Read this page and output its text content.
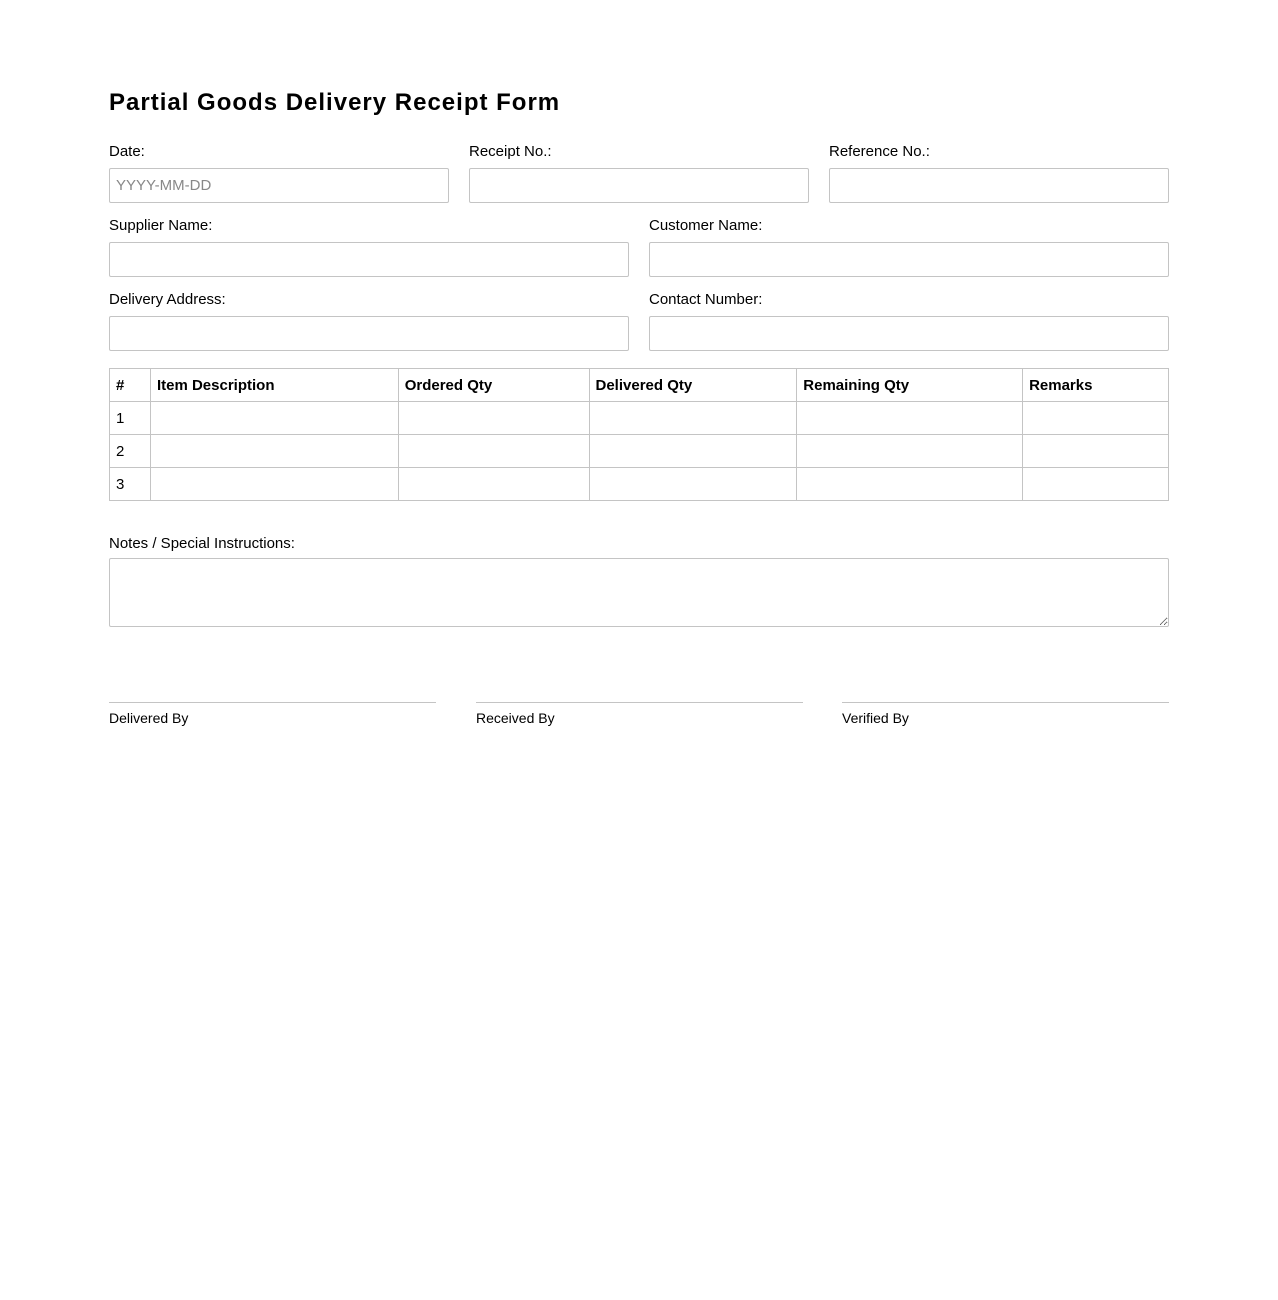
Partial Goods Delivery Receipt Form
Date:
YYYY-MM-DD	Receipt No.:	Reference No.:
Supplier Name:	Customer Name:
Delivery Address:	Contact Number:
#	Item Description	Ordered Qty	Delivered Qty	Remaining Qty	Remarks
1					
2					
3					
Notes / Special Instructions:
Delivered By	Received By	Verified By
